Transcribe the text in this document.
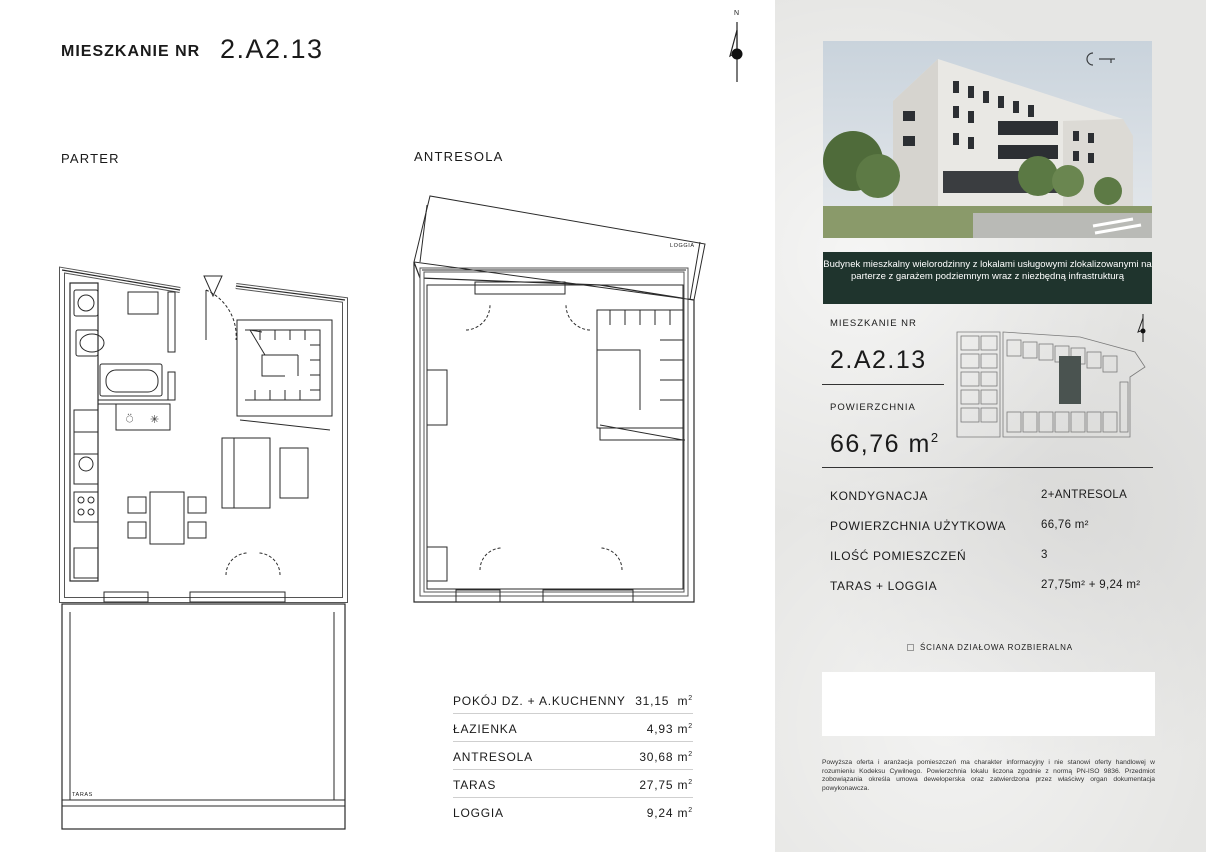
MIESZKANIE NR 2.A2.13
N
PARTER	ANTRESOLA
⍥ ✳
LOGGIA
TARAS
POKÓJ DZ. + A.KUCHENNY 31,15 $m^2$
ŁAZIENKA	4,93 $m^2$
ANTRESOLA	30,68 $m^2$
TARAS	27,75 $m^2$
LOGGIA	9,24 $m^2$
Budynek mieszkalny wielorodzinny z lokalami usługowymi zlokalizowanymi na parterze z garażem podziemnym wraz z niezbędną infrastrukturą
MIESZKANIE NR
2.A2.13
POWIERZCHNIA
66,76 $m^2$
KONDYGNACJA	2+ANTRESOLA
POWIERZCHNIA UŻYTKOWA	66,76 m²
ILOŚĆ POMIESZCZEŃ	3
TARAS + LOGGIA	27,75m² + 9,24 m²
ŚCIANA DZIAŁOWA ROZBIERALNA
Powyższa oferta i aranżacja pomieszczeń ma charakter informacyjny i nie stanowi oferty handlowej w rozumieniu Kodeksu Cywilnego. Powierzchnia lokalu liczona zgodnie z normą PN-ISO 9836. Przedmiot zobowiązania określa umowa deweloperska oraz zatwierdzona przez właściwy organ dokumentacja powykonawcza.
